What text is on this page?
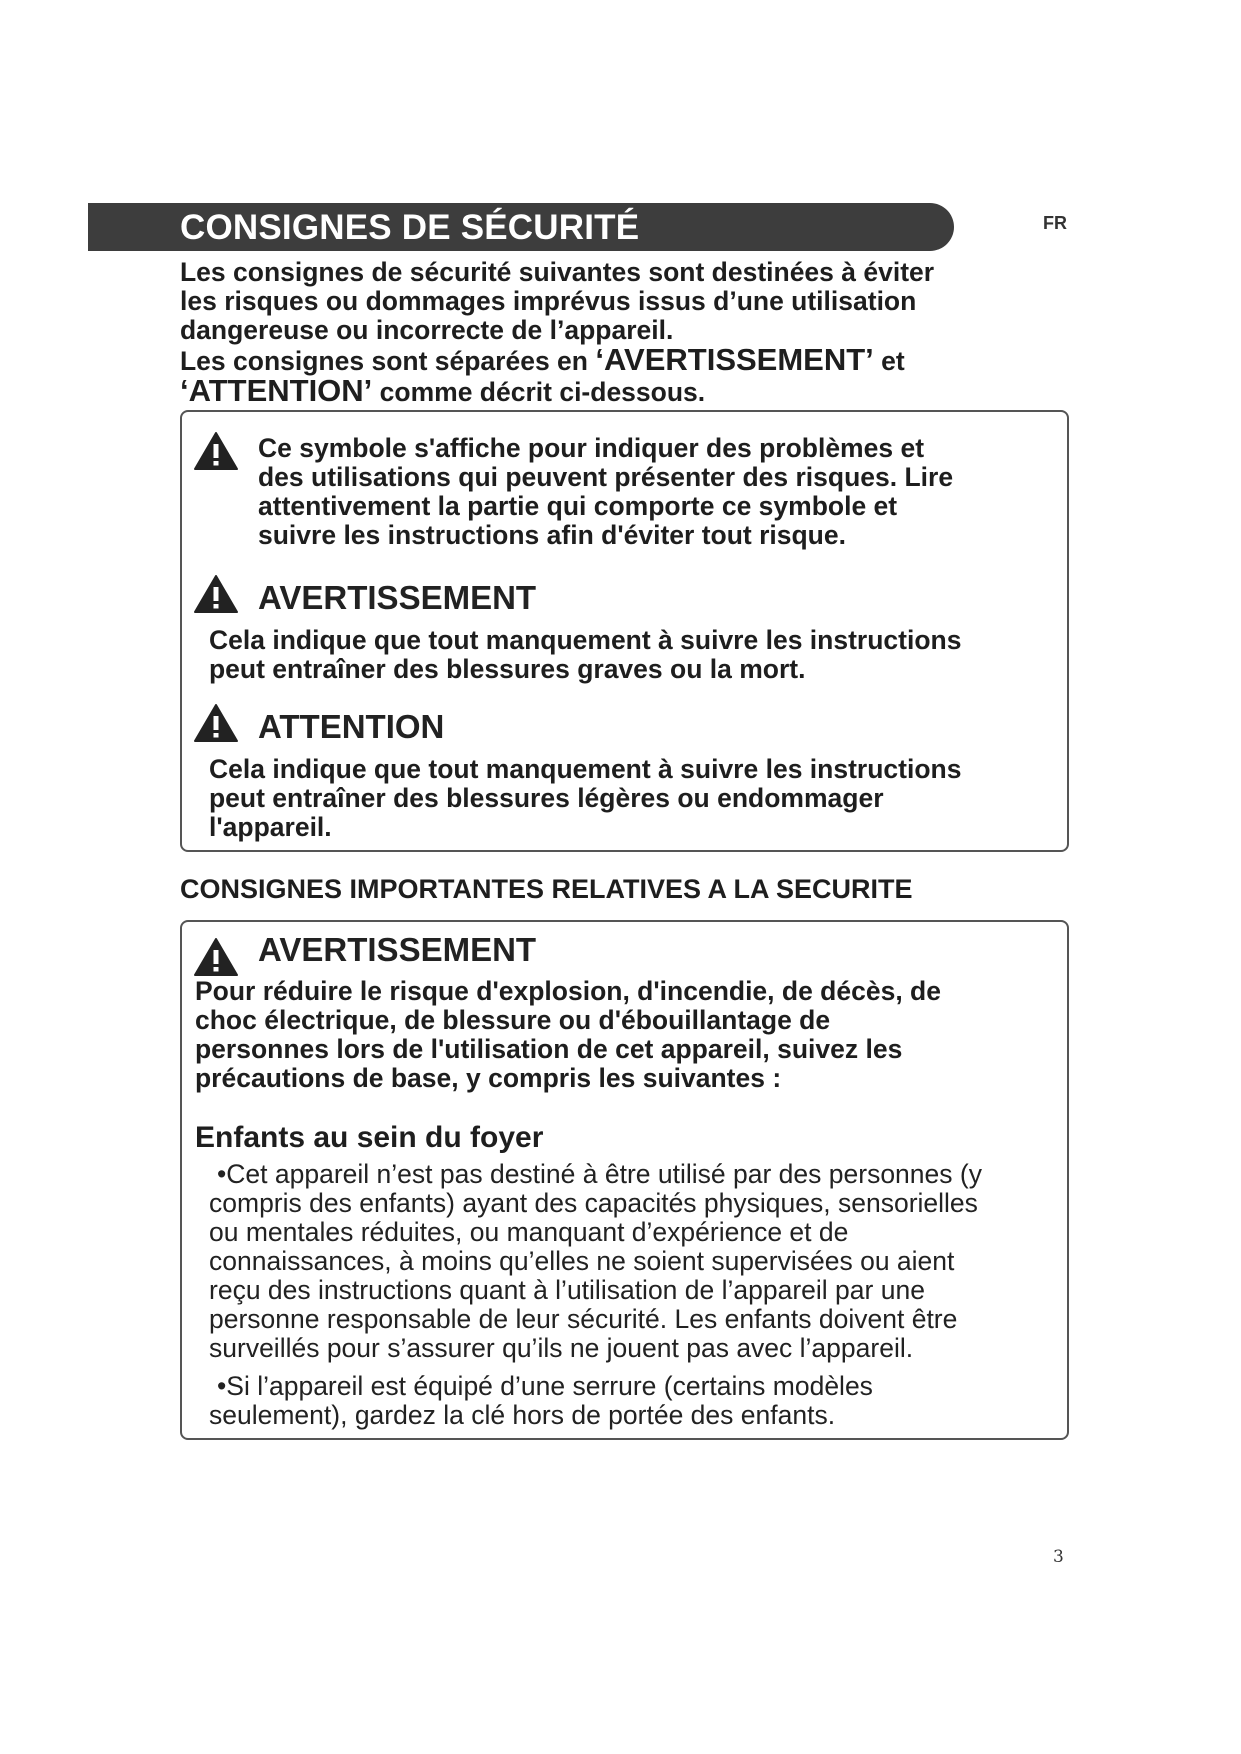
CONSIGNES DE SÉCURITÉ	FR
Les consignes de sécurité suivantes sont destinées à éviter
les risques ou dommages imprévus issus d’une utilisation
dangereuse ou incorrecte de l’appareil.
Les consignes sont séparées en ‘AVERTISSEMENT’ et
‘ATTENTION’ comme décrit ci-dessous.
Ce symbole s'affiche pour indiquer des problèmes et
des utilisations qui peuvent présenter des risques. Lire
attentivement la partie qui comporte ce symbole et
suivre les instructions afin d'éviter tout risque.
AVERTISSEMENT
Cela indique que tout manquement à suivre les instructions
peut entraîner des blessures graves ou la mort.
ATTENTION
Cela indique que tout manquement à suivre les instructions
peut entraîner des blessures légères ou endommager
l'appareil.
CONSIGNES IMPORTANTES RELATIVES A LA SECURITE
AVERTISSEMENT
Pour réduire le risque d'explosion, d'incendie, de décès, de
choc électrique, de blessure ou d'ébouillantage de
personnes lors de l'utilisation de cet appareil, suivez les
précautions de base, y compris les suivantes :
Enfants au sein du foyer
•Cet appareil n’est pas destiné à être utilisé par des personnes (y
compris des enfants) ayant des capacités physiques, sensorielles
ou mentales réduites, ou manquant d’expérience et de
connaissances, à moins qu’elles ne soient supervisées ou aient
reçu des instructions quant à l’utilisation de l’appareil par une
personne responsable de leur sécurité. Les enfants doivent être
surveillés pour s’assurer qu’ils ne jouent pas avec l’appareil.
•Si l’appareil est équipé d’une serrure (certains modèles
seulement), gardez la clé hors de portée des enfants.
3
